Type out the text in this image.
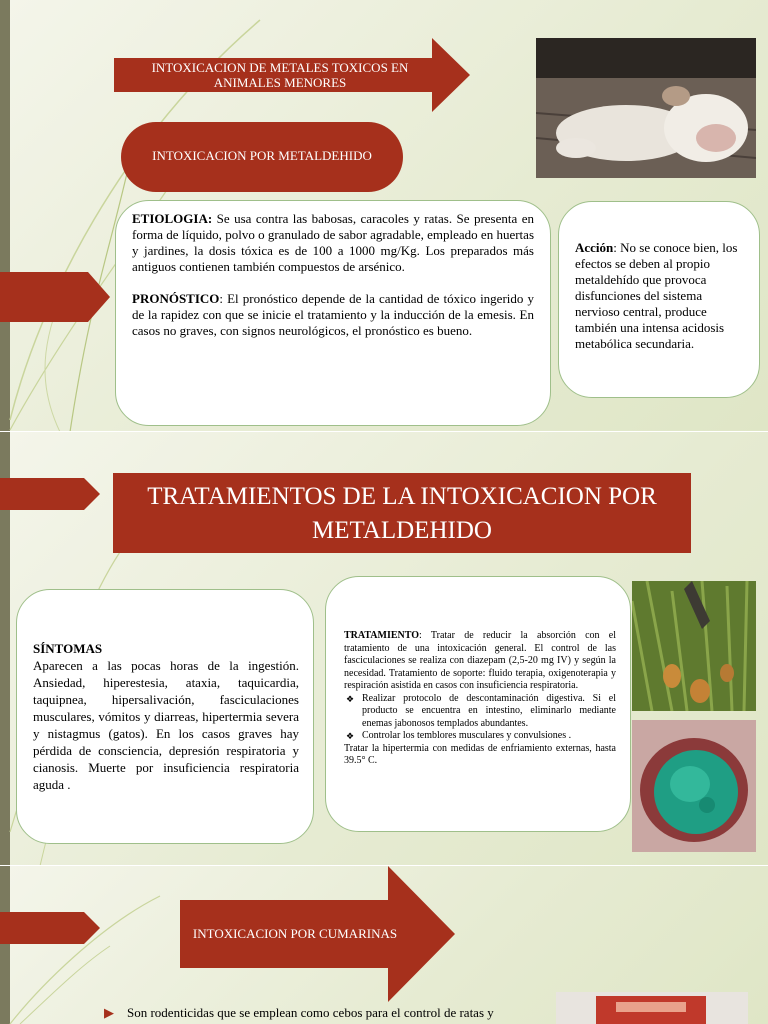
INTOXICACION DE METALES TOXICOS EN ANIMALES MENORES
INTOXICACION POR METALDEHIDO

ETIOLOGIA: Se usa contra las babosas, caracoles y ratas. Se presenta en forma de líquido, polvo o granulado de sabor agradable, empleado en huertas y jardines, la dosis tóxica es de 100 a 1000 mg/Kg. Los preparados más antiguos contienen también compuestos de arsénico.

PRONÓSTICO: El pronóstico depende de la cantidad de tóxico ingerido y de la rapidez con que se inicie el tratamiento y la inducción de la emesis. En casos no graves, con signos neurológicos, el pronóstico es bueno.

Acción: No se conoce bien, los efectos se deben al propio metaldehído que provoca disfunciones del sistema nervioso central, produce también una intensa acidosis metabólica secundaria.

TRATAMIENTOS DE LA INTOXICACION POR METALDEHIDO

SÍNTOMAS

Aparecen a las pocas horas de la ingestión. Ansiedad, hiperestesia, ataxia, taquicardia, taquipnea, hipersalivación, fasciculaciones musculares, vómitos y diarreas, hipertermia severa y nistagmus (gatos). En los casos graves hay pérdida de consciencia, depresión respiratoria y cianosis. Muerte por insuficiencia respiratoria aguda .

TRATAMIENTO: Tratar de reducir la absorción con el tratamiento de una intoxicación general. El control de las fasciculaciones se realiza con diazepam (2,5-20 mg IV) y según la necesidad. Tratamiento de soporte: fluido terapia, oxigenoterapia y respiración asistida en casos con insuficiencia respiratoria.

❖ Realizar protocolo de descontaminación digestiva. Si el producto se encuentra en intestino, eliminarlo mediante enemas jabonosos templados abundantes.
❖ Controlar los temblores musculares y convulsiones .

Tratar la hipertermia con medidas de enfriamiento externas, hasta 39.5° C.

INTOXICACION POR CUMARINAS
▶ Son rodenticidas que se emplean como cebos para el control de ratas y
